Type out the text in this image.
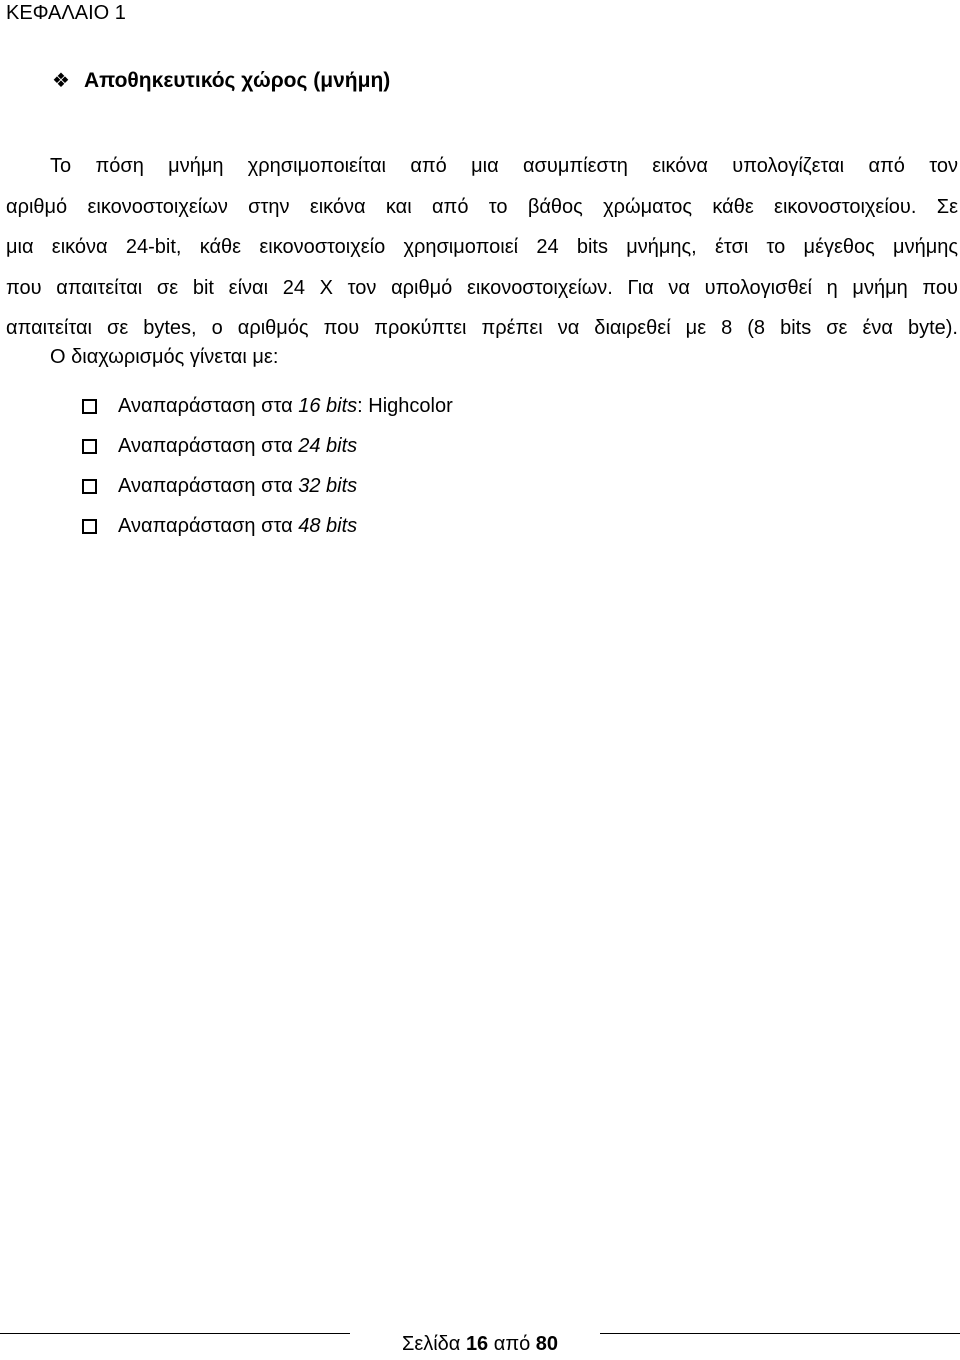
ΚΕΦΑΛΑΙΟ 1
❖ Αποθηκευτικός χώρος (μνήμη)
Το πόση μνήμη χρησιμοποιείται από μια ασυμπίεστη εικόνα υπολογίζεται από τον
αριθμό εικονοστοιχείων στην εικόνα και από το βάθος χρώματος κάθε εικονοστοιχείου. Σε
μια εικόνα 24-bit, κάθε εικονοστοιχείο χρησιμοποιεί 24 bits μνήμης, έτσι το μέγεθος μνήμης
που απαιτείται σε bit είναι 24 Χ τον αριθμό εικονοστοιχείων. Για να υπολογισθεί η μνήμη που
απαιτείται σε bytes, ο αριθμός που προκύπτει πρέπει να διαιρεθεί με 8 (8 bits σε ένα byte).
Ο διαχωρισμός γίνεται με:
Αναπαράσταση στα
16 bits : Highcolor
Αναπαράσταση στα
24 bits
Αναπαράσταση στα
32 bits
Αναπαράσταση στα
48 bits
Σελίδα 16 από 80
